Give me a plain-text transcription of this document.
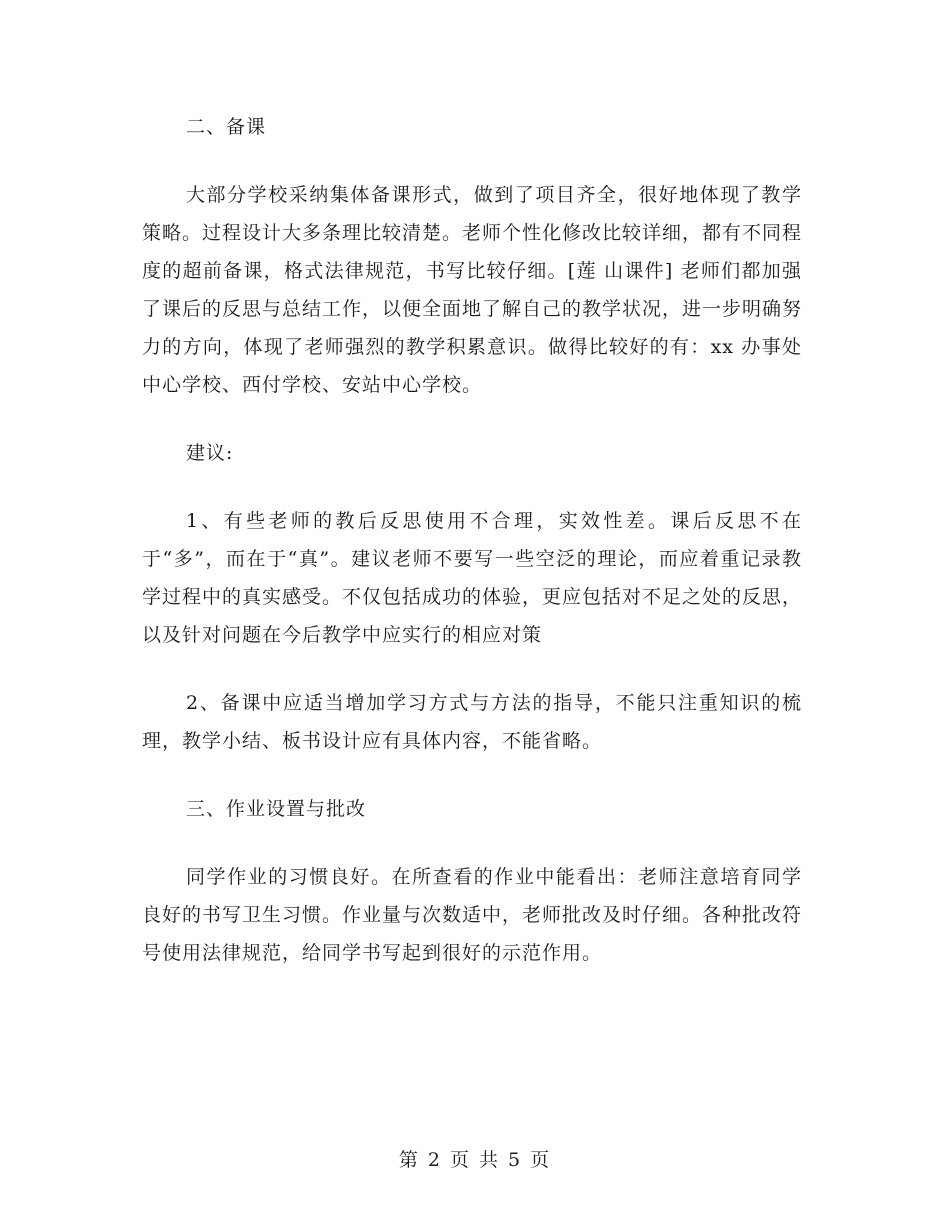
二、备课

大部分学校采纳集体备课形式，做到了项目齐全，很好地体现了教学策略。过程设计大多条理比较清楚。老师个性化修改比较详细，都有不同程度的超前备课，格式法律规范，书写比较仔细。[莲 山课件] 老师们都加强了课后的反思与总结工作，以便全面地了解自己的教学状况，进一步明确努力的方向，体现了老师强烈的教学积累意识。做得比较好的有：xx 办事处中心学校、西付学校、安站中心学校。

建议:

1、有些老师的教后反思使用不合理，实效性差。课后反思不在于“多”，而在于“真”。建议老师不要写一些空泛的理论，而应着重记录教学过程中的真实感受。不仅包括成功的体验，更应包括对不足之处的反思，以及针对问题在今后教学中应实行的相应对策

2、备课中应适当增加学习方式与方法的指导，不能只注重知识的梳理，教学小结、板书设计应有具体内容，不能省略。

三、作业设置与批改

同学作业的习惯良好。在所查看的作业中能看出：老师注意培育同学良好的书写卫生习惯。作业量与次数适中，老师批改及时仔细。各种批改符号使用法律规范，给同学书写起到很好的示范作用。

第 2 页 共 5 页
